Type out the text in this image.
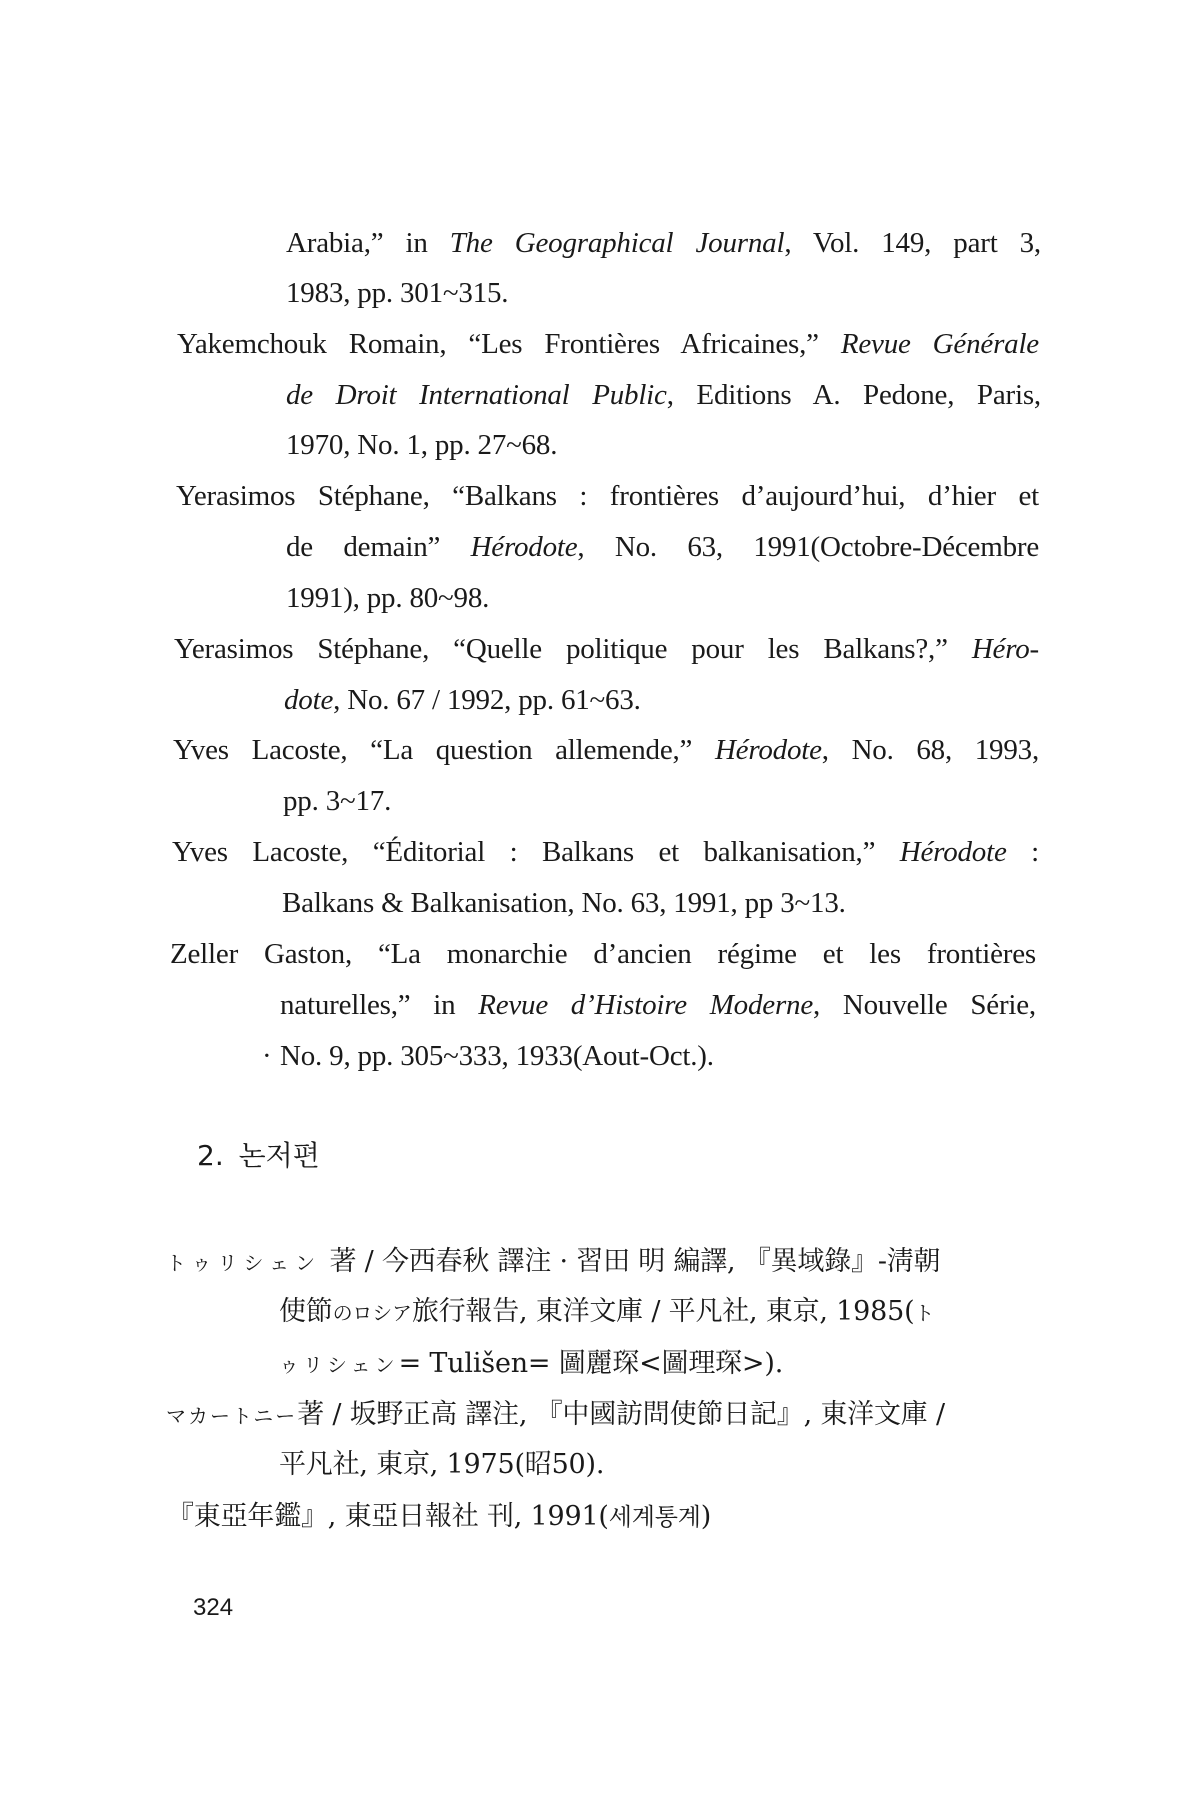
Arabia,” in The Geographical Journal, Vol. 149, part 3,
1983, pp. 301~315.
Yakemchouk Romain, “Les Frontières Africaines,” Revue Générale
de Droit International Public, Editions A. Pedone, Paris,
1970, No. 1, pp. 27~68.
Yerasimos Stéphane, “Balkans : frontières d’aujourd’hui, d’hier et
de demain” Hérodote, No. 63, 1991(Octobre-Décembre
1991), pp. 80~98.
Yerasimos Stéphane, “Quelle politique pour les Balkans?,” Héro-
dote, No. 67 / 1992, pp. 61~63.
Yves Lacoste, “La question allemende,” Hérodote, No. 68, 1993,
pp. 3~17.
Yves Lacoste, “Éditorial : Balkans et balkanisation,” Hérodote :
Balkans & Balkanisation, No. 63, 1991, pp 3~13.
Zeller Gaston, “La monarchie d’ancien régime et les frontières
naturelles,” in Revue d’Histoire Moderne, Nouvelle Série,
· No. 9, pp. 305~333, 1933(Aout-Oct.).
2. 논저편
トゥリシェン 著 / 今西春秋 譯注 · 習田 明 編譯, 『異域錄』-淸朝
使節のロシア旅行報告, 東洋文庫 / 平凡社, 東京, 1985(ト
ゥリシェン= Tulišen= 圖麗琛<圖理琛>).
マカートニー著 / 坂野正高 譯注, 『中國訪問使節日記』, 東洋文庫 /
平凡社, 東京, 1975(昭50).
『東亞年鑑』, 東亞日報社 刊, 1991(세계통계)
324
